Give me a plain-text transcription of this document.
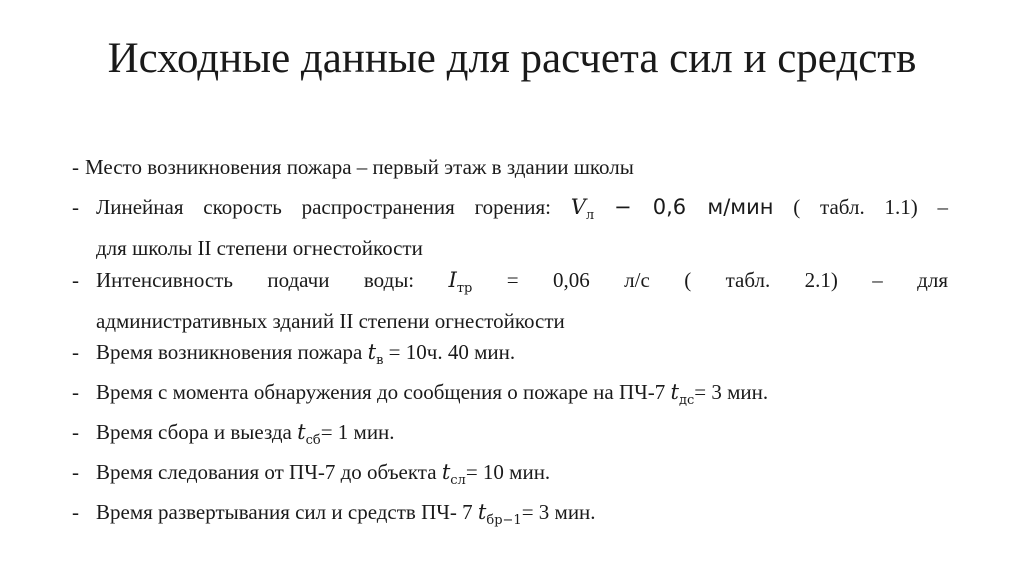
Исходные данные для расчета сил и средств
- Место возникновения пожара – первый этаж в здании школы
- Линейная скорость распространения горения: $V_л - 0,6$ м/мин ( табл. 1.1) –
для школы II степени огнестойкости
- Интенсивность подачи воды: $I_{тр} = 0,06$ л/с ( табл. 2.1) – для
административных зданий II степени огнестойкости
- Время возникновения пожара $t_в = 10ч$. 40 мин.
- Время с момента обнаружения до сообщения о пожаре на ПЧ-7 $t_{дс}= 3$ мин.
- Время сбора и выезда $t_{сб}= 1$ мин.
- Время следования от ПЧ-7 до объекта $t_{сл}= 10$ мин.
- Время развертывания сил и средств ПЧ- 7 $t_{бр-1}= 3$ мин.
